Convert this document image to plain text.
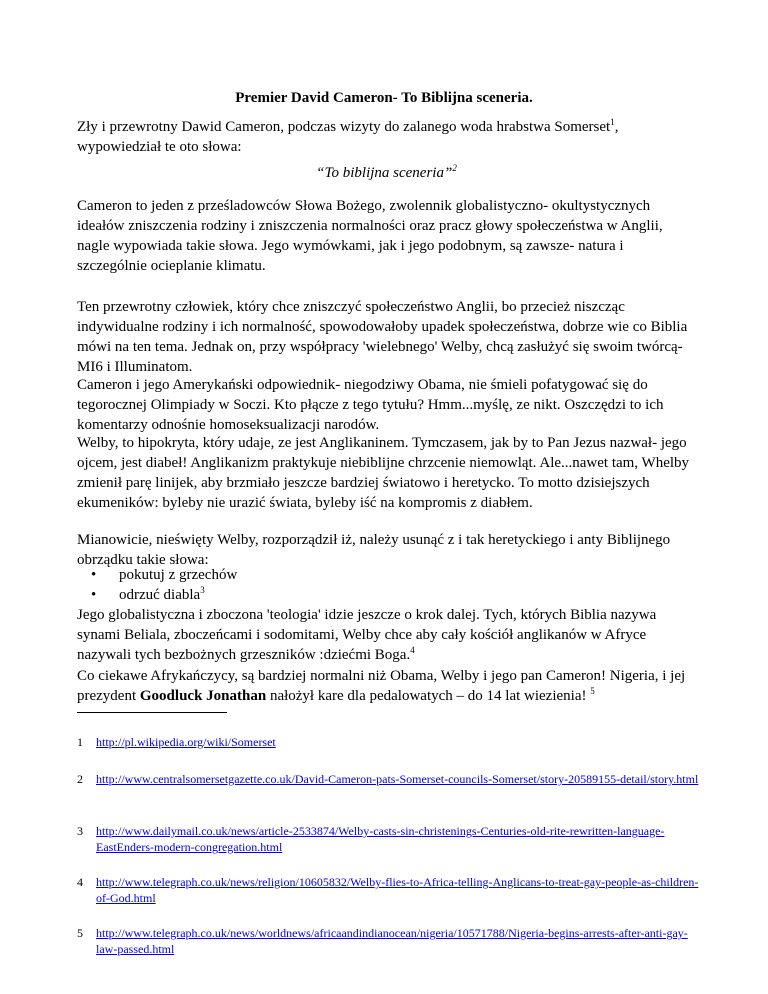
Premier David Cameron- To Biblijna sceneria.

Zły i przewrotny Dawid Cameron, podczas wizyty do zalanego woda hrabstwa Somerset$^1$, wypowiedział te oto słowa:

“To biblijna sceneria”$^2$

Cameron to jeden z prześladowców Słowa Bożego, zwolennik globalistyczno- okultystycznych ideałów zniszczenia rodziny i zniszczenia normalności oraz pracz głowy społeczeństwa w Anglii, nagle wypowiada takie słowa. Jego wymówkami, jak i jego podobnym, są zawsze- natura i szczególnie ocieplanie klimatu.

Ten przewrotny człowiek, który chce zniszczyć społeczeństwo Anglii, bo przecież niszcząc indywidualne rodziny i ich normalność, spowodowałoby upadek społeczeństwa, dobrze wie co Biblia mówi na ten tema. Jednak on, przy współpracy 'wielebnego' Welby, chcą zasłużyć się swoim twórcą- MI6 i Illuminatom.

Cameron i jego Amerykański odpowiednik- niegodziwy Obama, nie śmieli pofatygować się do tegorocznej Olimpiady w Soczi. Kto płącze z tego tytułu? Hmm...myślę, ze nikt. Oszczędzi to ich komentarzy odnośnie homoseksualizacji narodów.

Welby, to hipokryta, który udaje, ze jest Anglikaninem. Tymczasem, jak by to Pan Jezus nazwał- jego ojcem, jest diabeł! Anglikanizm praktykuje niebiblijne chrzcenie niemowląt. Ale...nawet tam, Whelby zmienił parę linijek, aby brzmiało jeszcze bardziej światowo i heretycko. To motto dzisiejszych ekumeników: byleby nie urazić świata, byleby iść na kompromis z diabłem.

Mianowicie, nieświęty Welby, rozporządził iż, należy usunąć z i tak heretyckiego i anty Biblijnego obrządku takie słowa:

• pokutuj z grzechów
• odrzuć diabla$^3$

Jego globalistyczna i zboczona 'teologia' idzie jeszcze o krok dalej. Tych, których Biblia nazywa synami Beliala, zboczeńcami i sodomitami, Welby chce aby cały kościół anglikanów w Afryce nazywali tych bezbożnych grzeszników :dziećmi Boga.$^4$

Co ciekawe Afrykańczycy, są bardziej normalni niż Obama, Welby i jego pan Cameron! Nigeria, i jej prezydent Goodluck Jonathan nałożył kare dla pedalowatych – do 14 lat wiezienia! $^5$

1 http://pl.wikipedia.org/wiki/Somerset
2 http://www.centralsomersetgazette.co.uk/David-Cameron-pats-Somerset-councils-Somerset/story-20589155-detail/story.html
3 http://www.dailymail.co.uk/news/article-2533874/Welby-casts-sin-christenings-Centuries-old-rite-rewritten-language-EastEnders-modern-congregation.html
4 http://www.telegraph.co.uk/news/religion/10605832/Welby-flies-to-Africa-telling-Anglicans-to-treat-gay-people-as-children-of-God.html
5 http://www.telegraph.co.uk/news/worldnews/africaandindianocean/nigeria/10571788/Nigeria-begins-arrests-after-anti-gay-law-passed.html
